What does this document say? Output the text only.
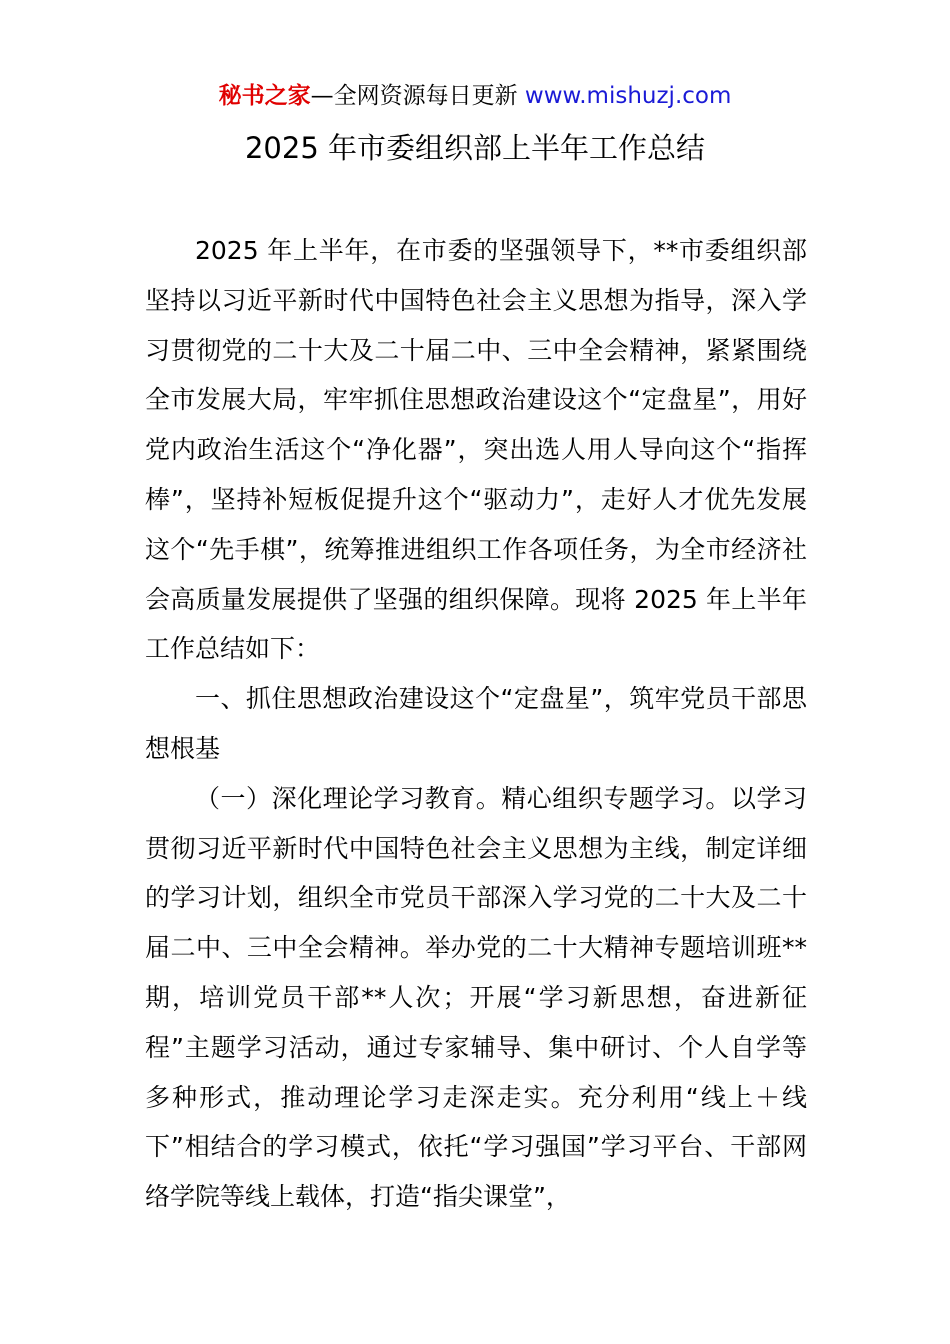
秘书之家—全网资源每日更新 www.mishuzj.com
2025 年市委组织部上半年工作总结

2025 年上半年，在市委的坚强领导下，**市委组织部坚持以习近平新时代中国特色社会主义思想为指导，深入学习贯彻党的二十大及二十届二中、三中全会精神，紧紧围绕全市发展大局，牢牢抓住思想政治建设这个“定盘星”，用好党内政治生活这个“净化器”，突出选人用人导向这个“指挥棒”，坚持补短板促提升这个“驱动力”，走好人才优先发展这个“先手棋”，统筹推进组织工作各项任务，为全市经济社会高质量发展提供了坚强的组织保障。现将 2025 年上半年工作总结如下：

一、抓住思想政治建设这个“定盘星”，筑牢党员干部思想根基

（一）深化理论学习教育。精心组织专题学习。以学习贯彻习近平新时代中国特色社会主义思想为主线，制定详细的学习计划，组织全市党员干部深入学习党的二十大及二十届二中、三中全会精神。举办党的二十大精神专题培训班**期，培训党员干部**人次；开展“学习新思想，奋进新征程”主题学习活动，通过专家辅导、集中研讨、个人自学等多种形式，推动理论学习走深走实。充分利用“线上＋线下”相结合的学习模式，依托“学习强国”学习平台、干部网络学院等线上载体，打造“指尖课堂”，
